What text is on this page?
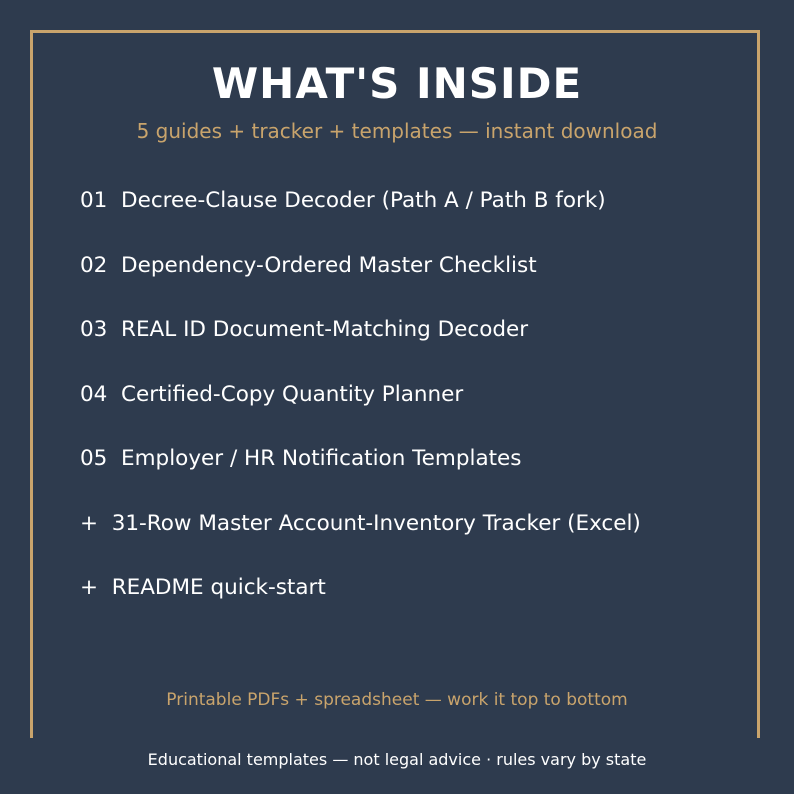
WHAT'S INSIDE
5 guides + tracker + templates — instant download
01 Decree-Clause Decoder (Path A / Path B fork)
02 Dependency-Ordered Master Checklist
03 REAL ID Document-Matching Decoder
04 Certified-Copy Quantity Planner
05 Employer / HR Notification Templates
+ 31-Row Master Account-Inventory Tracker (Excel)
+ README quick-start
Printable PDFs + spreadsheet — work it top to bottom
Educational templates — not legal advice · rules vary by state
